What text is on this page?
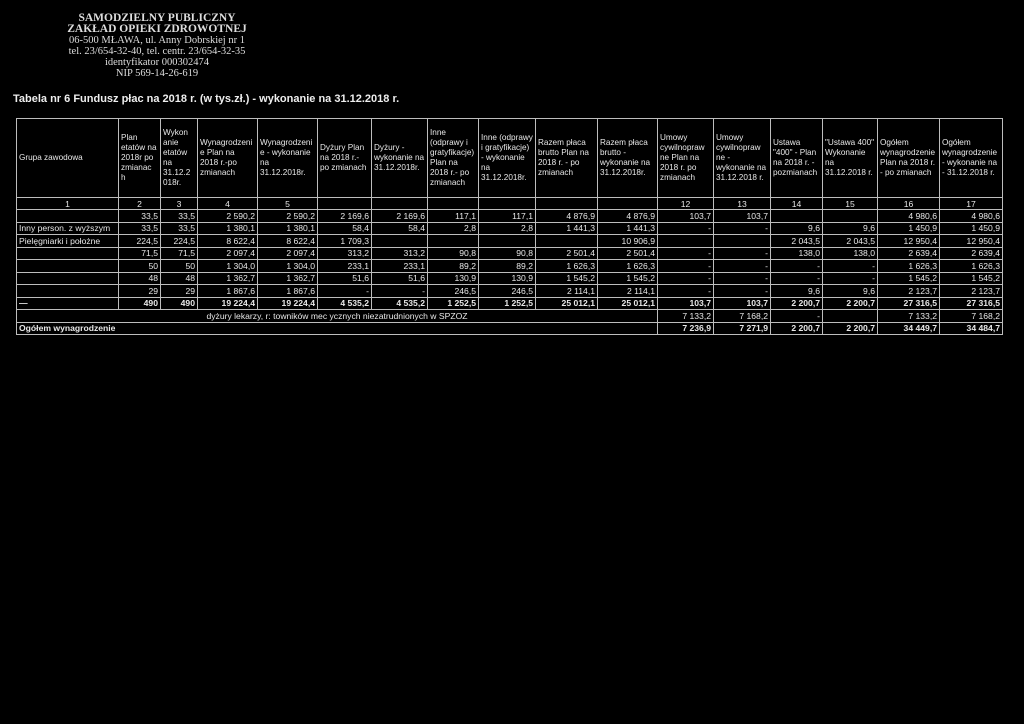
SAMODZIELNY PUBLICZNY
ZAKŁAD OPIEKI ZDROWOTNEJ
06-500 MŁAWA, ul. Anny Dobrskiej nr 1
tel. 23/654-32-40, tel. centr. 23/654-32-35
identyfikator 000302474
NIP 569-14-26-619
Tabela nr 6 Fundusz płac na 2018 r. (w tys.zł.) - wykonanie na 31.12.2018 r.
Grupa zawodowa	Plan etatów na 2018r po zmianac h	Wykon anie etatów na 31.12.2 018r.	Wynagrodzeni e Plan na 2018 r.-po zmianach	Wynagrodzeni e - wykonanie na 31.12.2018r.	Dyżury Plan na 2018 r.- po zmianach	Dyżury - wykonanie na 31.12.2018r.	Inne (odprawy i gratyfikacje) Plan na 2018 r.- po zmianach	Inne (odprawy i gratyfikacje) - wykonanie na 31.12.2018r.	Razem płaca brutto Plan na 2018 r. - po zmianach	Razem płaca brutto - wykonanie na 31.12.2018r.	Umowy cywilnopraw ne Plan na 2018 r. po zmianach	Umowy cywilnopraw ne - wykonanie na 31.12.2018 r.	Ustawa "400" - Plan na 2018 r. - pozmianach	"Ustawa 400" Wykonanie na 31.12.2018 r.	Ogółem wynagrodzenie Plan na 2018 r. - po zmianach	Ogółem wynagrodzenie - wykonanie na - 31.12.2018 r.
1	2	3	4	5							12	13	14	15	16	17
	33,5	33,5	2 590,2	2 590,2	2 169,6	2 169,6	117,1	117,1	4 876,9	4 876,9	103,7	103,7			4 980,6	4 980,6
Inny person. z wyższym	33,5	33,5	1 380,1	1 380,1	58,4	58,4	2,8	2,8	1 441,3	1 441,3	-	-	9,6	9,6	1 450,9	1 450,9
Pielęgniarki i położne	224,5	224,5	8 622,4	8 622,4	1 709,3					10 906,9			2 043,5	2 043,5	12 950,4	12 950,4
	71,5	71,5	2 097,4	2 097,4	313,2	313,2	90,8	90,8	2 501,4	2 501,4	-	-	138,0	138,0	2 639,4	2 639,4
	50	50	1 304,0	1 304,0	233,1	233,1	89,2	89,2	1 626,3	1 626,3	-	-	-	-	1 626,3	1 626,3
	48	48	1 362,7	1 362,7	51,6	51,6	130,9	130,9	1 545,2	1 545,2	-	-	-	-	1 545,2	1 545,2
	29	29	1 867,6	1 867,6	-	-	246,5	246,5	2 114,1	2 114,1	-	-	9,6	9,6	2 123,7	2 123,7
—	490	490	19 224,4	19 224,4	4 535,2	4 535,2	1 252,5	1 252,5	25 012,1	25 012,1	103,7	103,7	2 200,7	2 200,7	27 316,5	27 316,5
dyżury lekarzy, r: towników mec ycznych niezatrudnionych w SPZOZ											7 133,2	7 168,2	-		7 133,2	7 168,2
Ogółem wynagrodzenie											7 236,9	7 271,9	2 200,7	2 200,7	34 449,7	34 484,7
